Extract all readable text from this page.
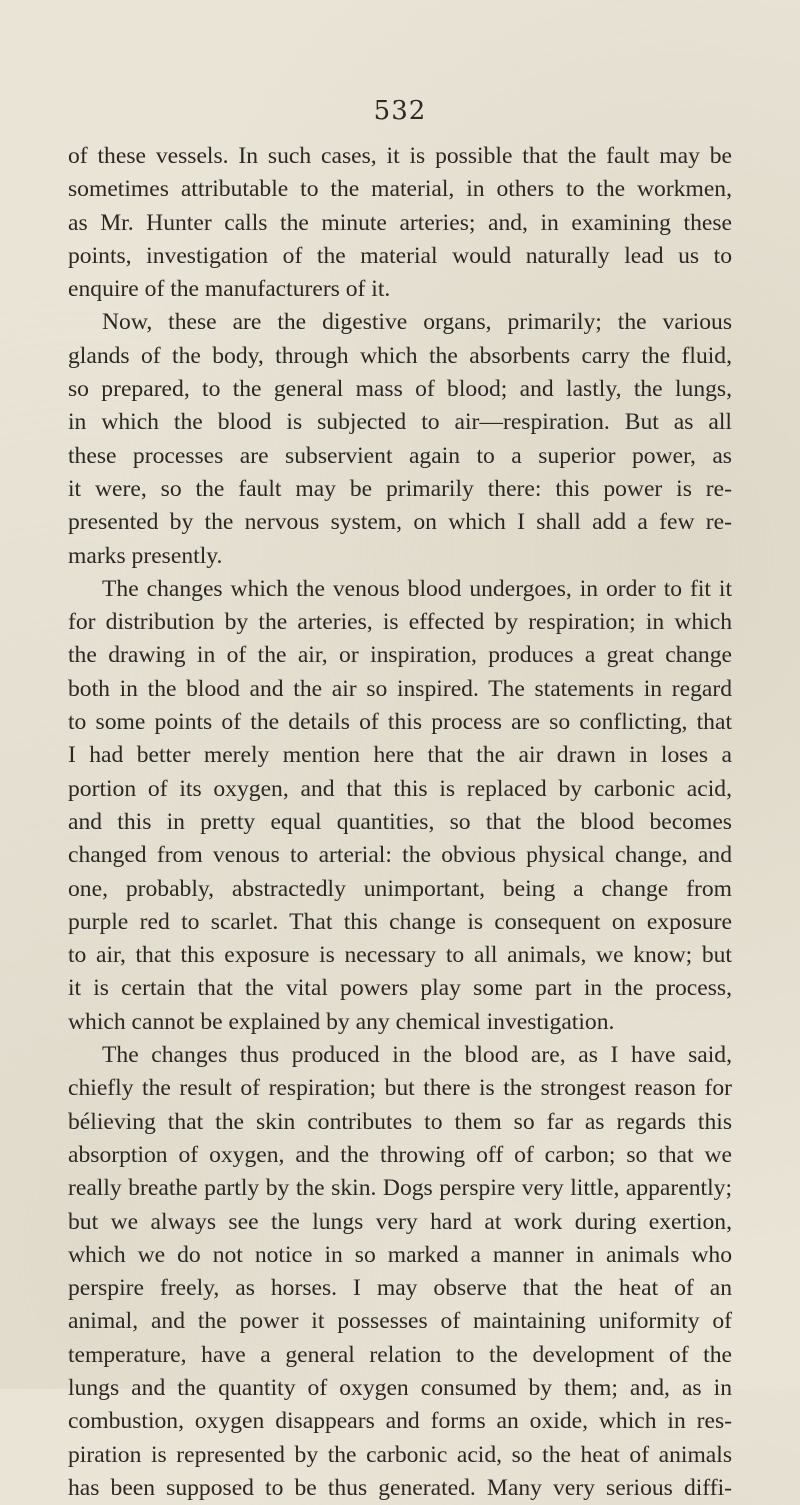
532
of these vessels. In such cases, it is possible that the fault may be
sometimes attributable to the material, in others to the workmen,
as Mr. Hunter calls the minute arteries; and, in examining these
points, investigation of the material would naturally lead us to
enquire of the manufacturers of it.
Now, these are the digestive organs, primarily; the various
glands of the body, through which the absorbents carry the fluid,
so prepared, to the general mass of blood; and lastly, the lungs,
in which the blood is subjected to air—respiration. But as all
these processes are subservient again to a superior power, as
it were, so the fault may be primarily there: this power is re-
presented by the nervous system, on which I shall add a few re-
marks presently.
The changes which the venous blood undergoes, in order to fit it
for distribution by the arteries, is effected by respiration; in which
the drawing in of the air, or inspiration, produces a great change
both in the blood and the air so inspired. The statements in regard
to some points of the details of this process are so conflicting, that
I had better merely mention here that the air drawn in loses a
portion of its oxygen, and that this is replaced by carbonic acid,
and this in pretty equal quantities, so that the blood becomes
changed from venous to arterial: the obvious physical change, and
one, probably, abstractedly unimportant, being a change from
purple red to scarlet. That this change is consequent on exposure
to air, that this exposure is necessary to all animals, we know; but
it is certain that the vital powers play some part in the process,
which cannot be explained by any chemical investigation.
The changes thus produced in the blood are, as I have said,
chiefly the result of respiration; but there is the strongest reason for
bélieving that the skin contributes to them so far as regards this
absorption of oxygen, and the throwing off of carbon; so that we
really breathe partly by the skin. Dogs perspire very little, apparently;
but we always see the lungs very hard at work during exertion,
which we do not notice in so marked a manner in animals who
perspire freely, as horses. I may observe that the heat of an
animal, and the power it possesses of maintaining uniformity of
temperature, have a general relation to the development of the
lungs and the quantity of oxygen consumed by them; and, as in
combustion, oxygen disappears and forms an oxide, which in res-
piration is represented by the carbonic acid, so the heat of animals
has been supposed to be thus generated. Many very serious diffi-
